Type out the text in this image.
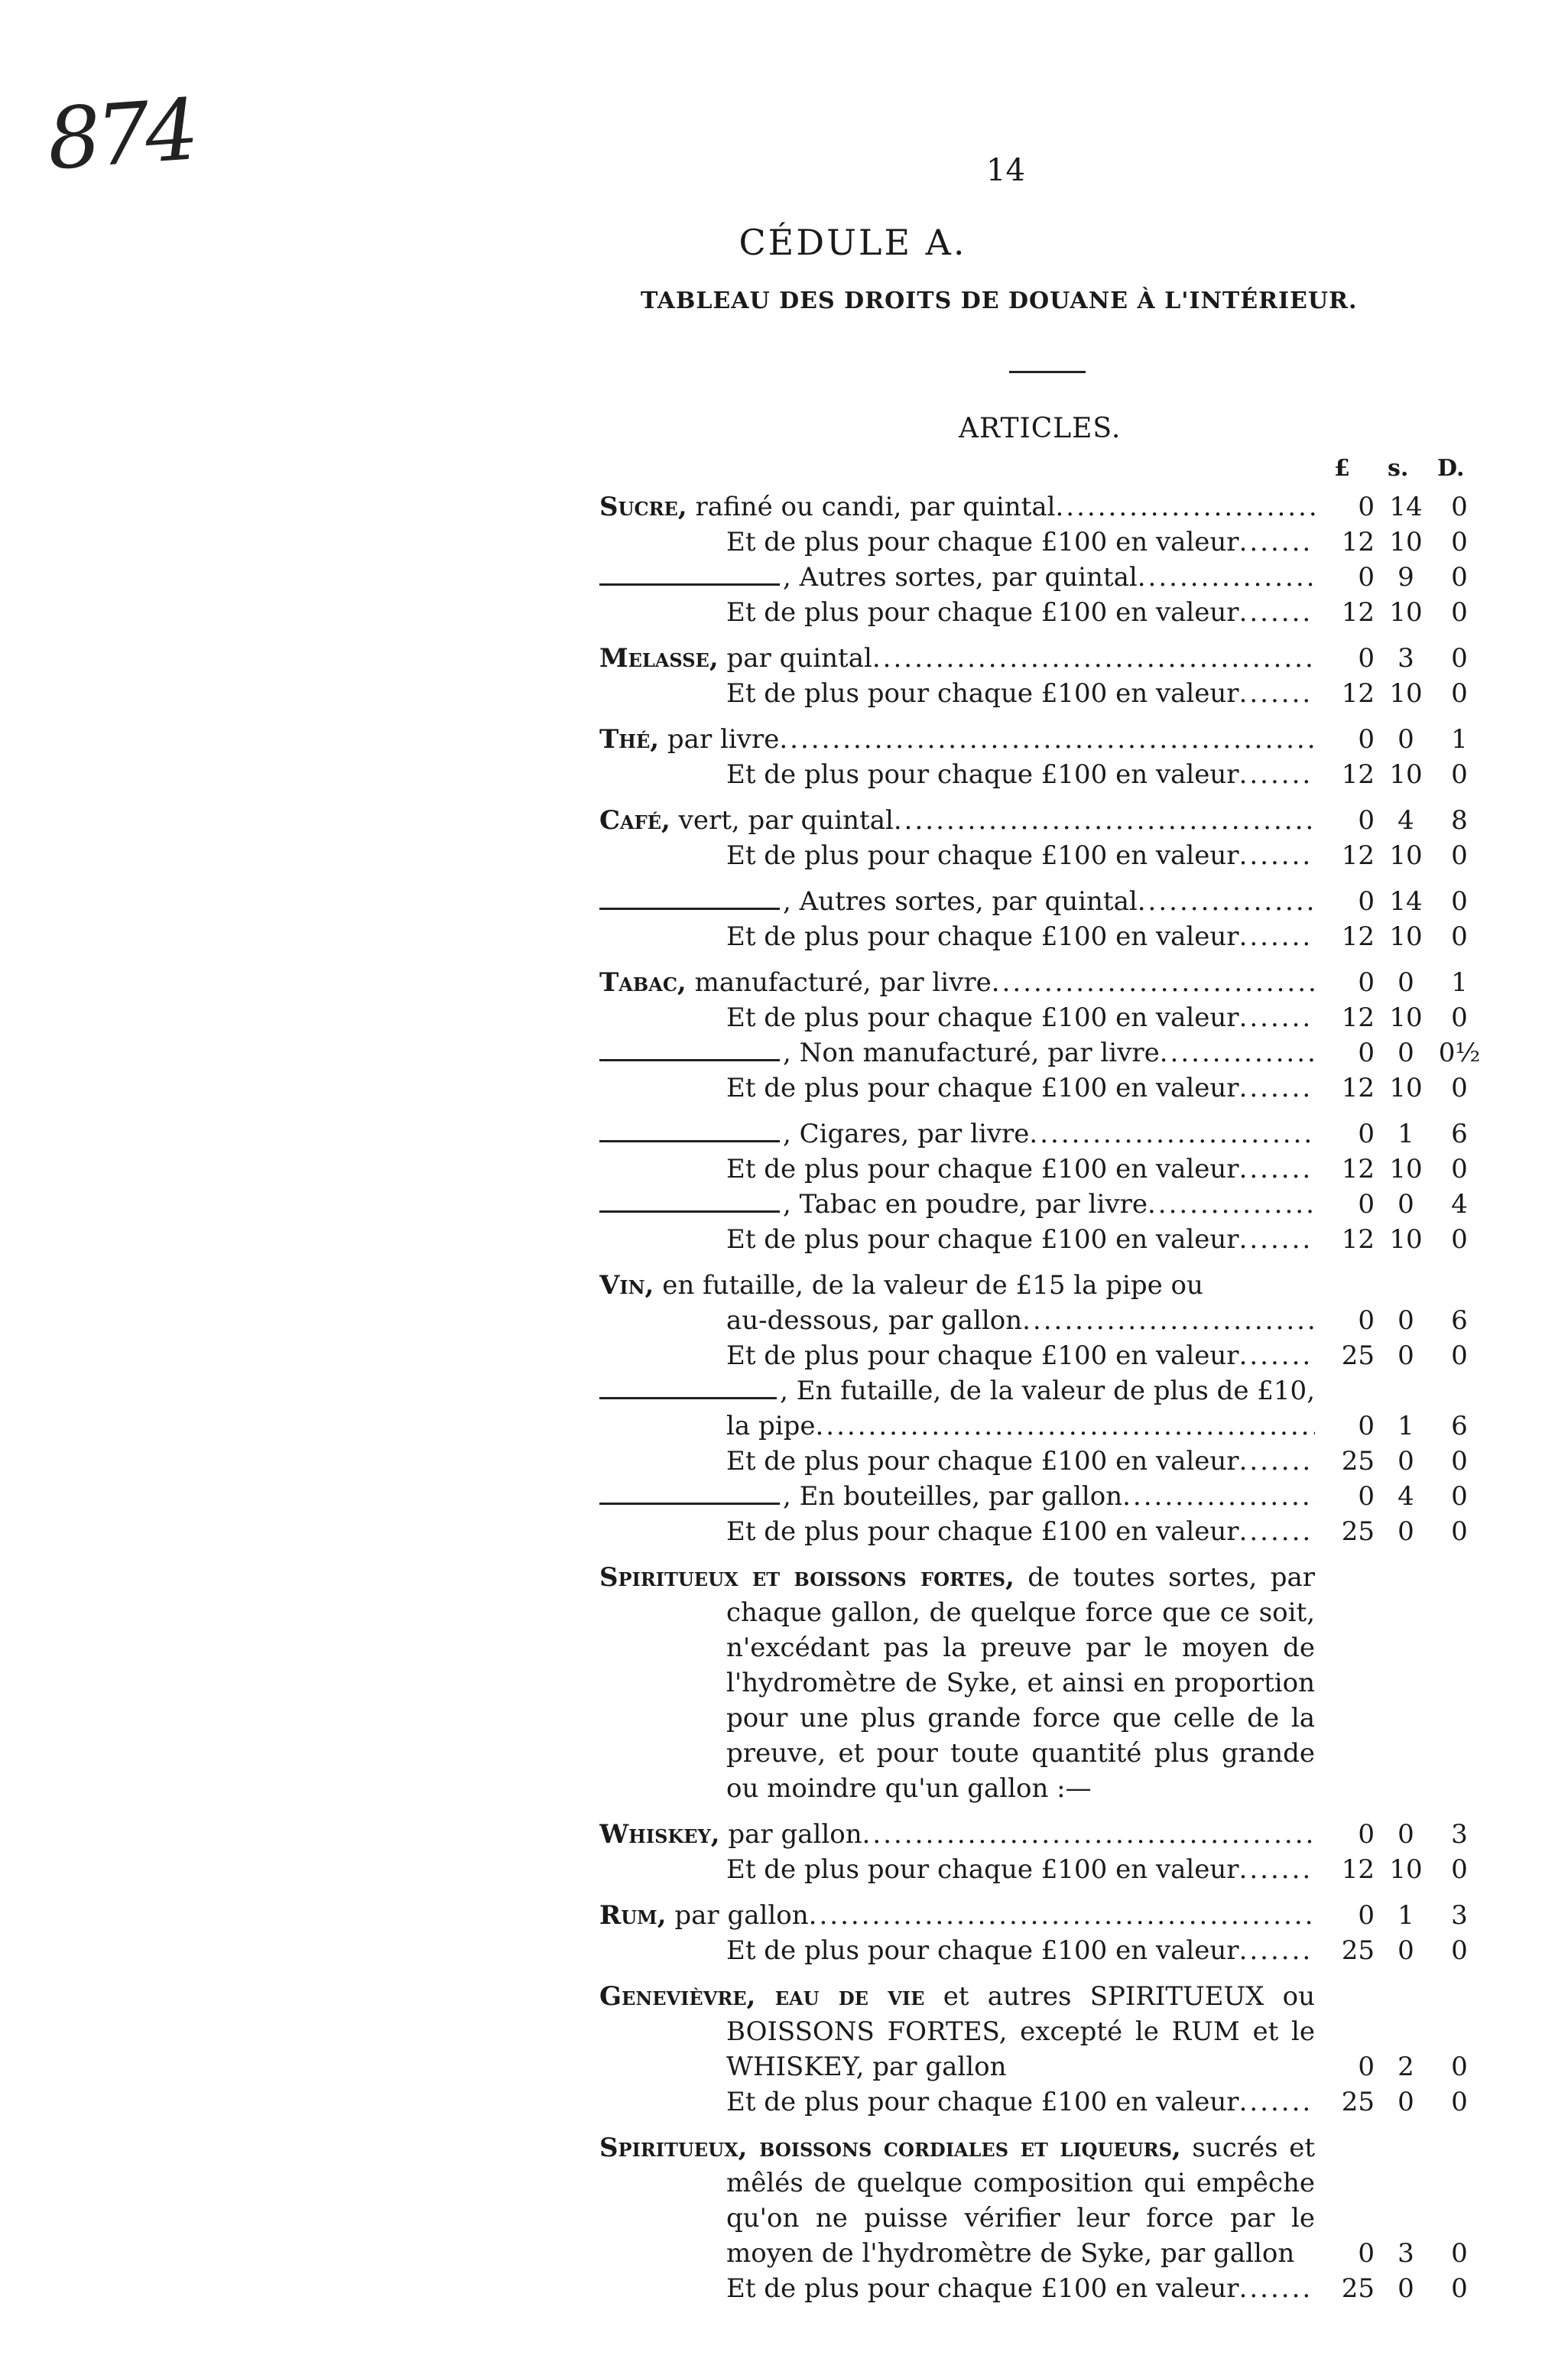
874	14
CÉDULE A.
TABLEAU DES DROITS DE DOUANE À L'INTÉRIEUR.
ARTICLES.
£ s. D.
Sucre, rafiné ou candi, par quintal .....	0 14	0
Et de plus pour chaque £100 en valeur .....	12 10	0
, Autres sortes, par quintal .....	0 9	0
Et de plus pour chaque £100 en valeur .....	12 10	0
Melasse, par quintal .....	0 3	0
Et de plus pour chaque £100 en valeur .....	12 10	0
Thé, par livre .....	0 0	1
Et de plus pour chaque £100 en valeur .....	12 10	0
Café, vert, par quintal .....	0 4	8
Et de plus pour chaque £100 en valeur .....	12 10	0
, Autres sortes, par quintal .....	0 14	0
Et de plus pour chaque £100 en valeur .....	12 10	0
Tabac, manufacturé, par livre .....	0 0	1
Et de plus pour chaque £100 en valeur .....	12 10	0
, Non manufacturé, par livre .....	0 0 0½
Et de plus pour chaque £100 en valeur .....	12 10	0
, Cigares, par livre .....	0 1	6
Et de plus pour chaque £100 en valeur .....	12 10	0
, Tabac en poudre, par livre .....	0 0	4
Et de plus pour chaque £100 en valeur .....	12 10	0
Vin, en futaille, de la valeur de £15 la pipe ou
au-dessous, par gallon .....	0 0	6
Et de plus pour chaque £100 en valeur .....	25 0	0
, En futaille, de la valeur de plus de £10,
la pipe .....	0 1	6
Et de plus pour chaque £100 en valeur .....	25 0	0
, En bouteilles, par gallon .....	0 4	0
Et de plus pour chaque £100 en valeur .....	25 0	0
Spiritueux et boissons fortes, de toutes sortes, par chaque gallon, de quelque force que ce soit, n'excédant pas la preuve par le moyen de l'hydromètre de Syke, et ainsi en proportion pour une plus grande force que celle de la preuve, et pour toute quantité plus grande ou moindre qu'un gallon :—
Whiskey, par gallon .....	0 0	3
Et de plus pour chaque £100 en valeur .....	12 10	0
Rum, par gallon .....	0 1	3
Et de plus pour chaque £100 en valeur .....	25 0	0
Genevièvre, eau de vie et autres SPIRITUEUX ou BOISSONS FORTES, excepté le RUM et le WHISKEY, par gallon	0 2	0
Et de plus pour chaque £100 en valeur .....	25 0	0
Spiritueux, boissons cordiales et liqueurs, sucrés et mêlés de quelque composition qui empêche qu'on ne puisse vérifier leur force par le moyen de l'hydromètre de Syke, par gallon	0 3	0
Et de plus pour chaque £100 en valeur .....	25 0	0
